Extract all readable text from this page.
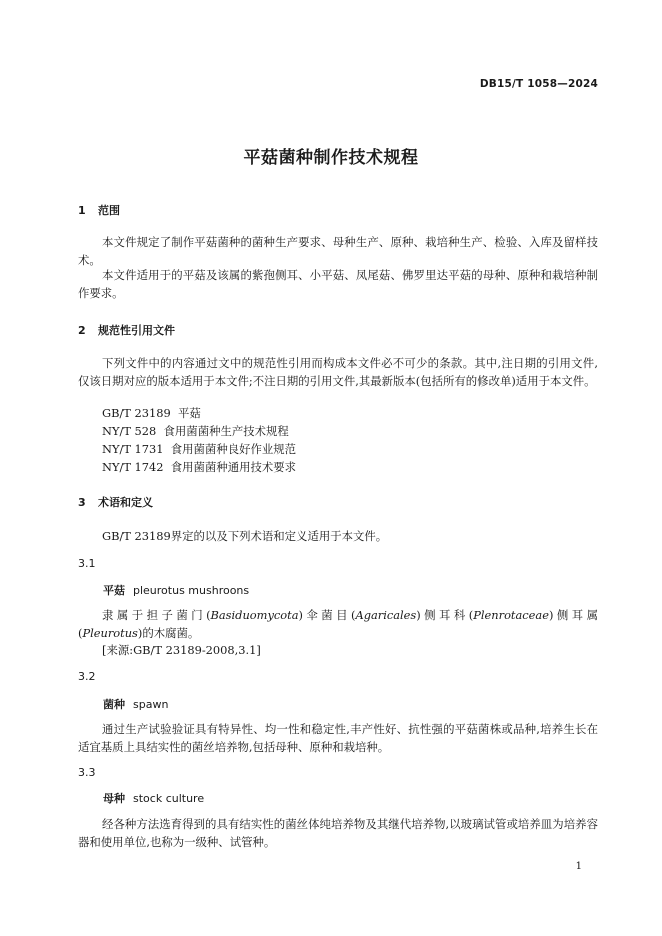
DB15/T 1058—2024
平菇菌种制作技术规程
1 范围
本文件规定了制作平菇菌种的菌种生产要求、母种生产、原种、栽培种生产、检验、入库及留样技术。
本文件适用于的平菇及该属的紫孢侧耳、小平菇、凤尾菇、佛罗里达平菇的母种、原种和栽培种制作要求。
2 规范性引用文件
下列文件中的内容通过文中的规范性引用而构成本文件必不可少的条款。其中,注日期的引用文件,仅该日期对应的版本适用于本文件;不注日期的引用文件,其最新版本(包括所有的修改单)适用于本文件。
GB/T 23189  平菇
NY/T 528  食用菌菌种生产技术规程
NY/T 1731  食用菌菌种良好作业规范
NY/T 1742  食用菌菌种通用技术要求
3 术语和定义
GB/T 23189界定的以及下列术语和定义适用于本文件。
3.1
平菇 pleurotus mushroons
隶属于担子菌门(Basiduomycota)伞菌目(Agaricales)侧耳科(Plenrotaceae)侧耳属(Pleurotus)的木腐菌。
[来源:GB/T 23189-2008,3.1]
3.2
菌种 spawn
通过生产试验验证具有特异性、均一性和稳定性,丰产性好、抗性强的平菇菌株或品种,培养生长在适宜基质上具结实性的菌丝培养物,包括母种、原种和栽培种。
3.3
母种 stock culture
经各种方法选育得到的具有结实性的菌丝体纯培养物及其继代培养物,以玻璃试管或培养皿为培养容器和使用单位,也称为一级种、试管种。
1
